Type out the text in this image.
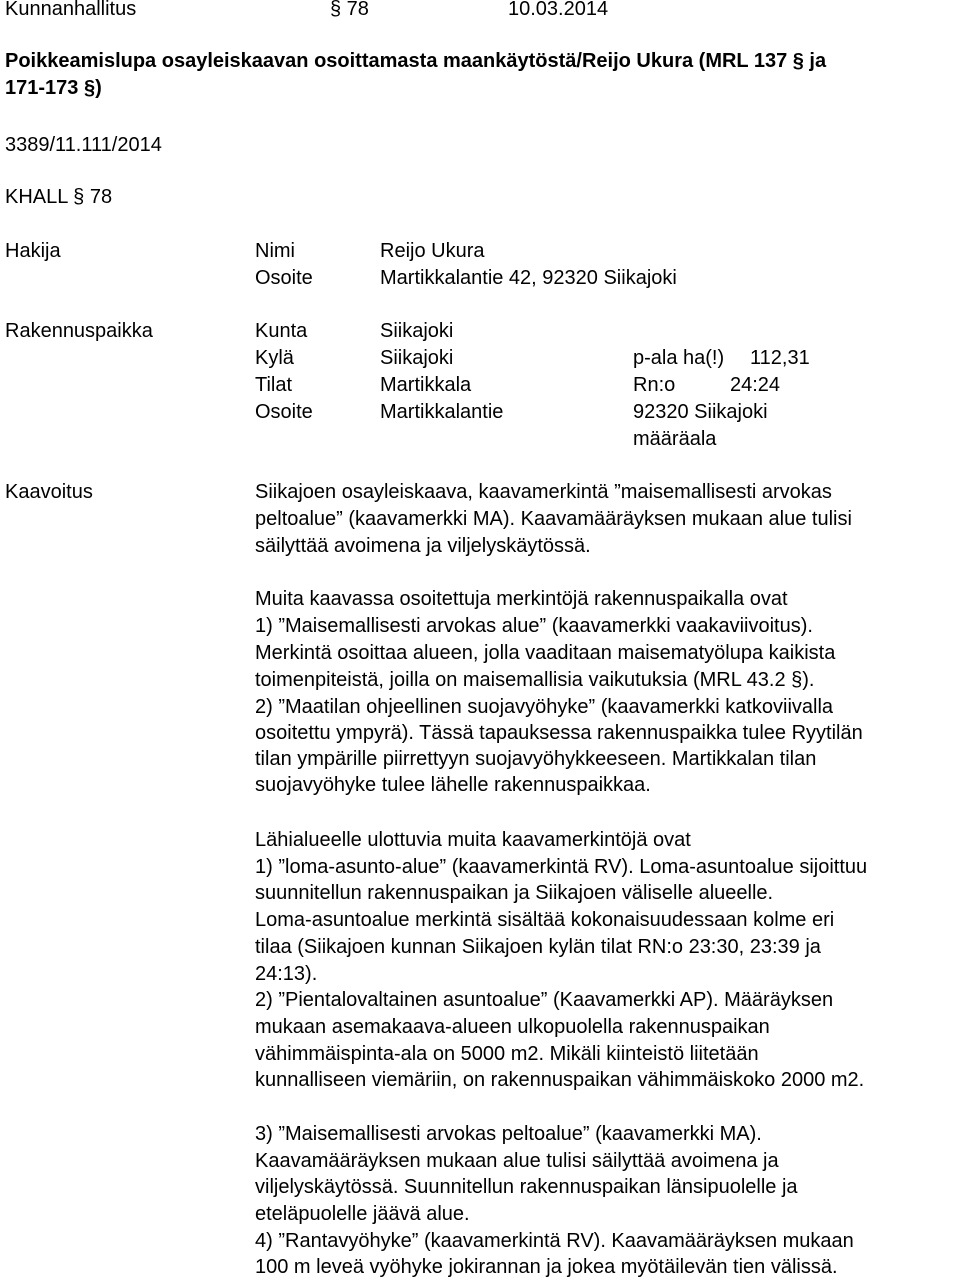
Kunnanhallitus	§ 78	10.03.2014
Poikkeamislupa osayleiskaavan osoittamasta maankäytöstä/Reijo Ukura (MRL 137 § ja
171-173 §)
3389/11.111/2014
KHALL § 78
Hakija	Nimi	Reijo Ukura
Osoite	Martikkalantie 42, 92320 Siikajoki
Rakennuspaikka	Kunta	Siikajoki
Kylä	Siikajoki	p-ala ha(!) 112,31
Tilat	Martikkala	Rn:o	24:24
Osoite	Martikkalantie	92320 Siikajoki
määräala
Kaavoitus	Siikajoen osayleiskaava, kaavamerkintä ”maisemallisesti arvokas
peltoalue” (kaavamerkki MA). Kaavamääräyksen mukaan alue tulisi
säilyttää avoimena ja viljelyskäytössä.
Muita kaavassa osoitettuja merkintöjä rakennuspaikalla ovat
1) ”Maisemallisesti arvokas alue” (kaavamerkki vaakaviivoitus).
Merkintä osoittaa alueen, jolla vaaditaan maisematyölupa kaikista
toimenpiteistä, joilla on maisemallisia vaikutuksia (MRL 43.2 §).
2) ”Maatilan ohjeellinen suojavyöhyke” (kaavamerkki katkoviivalla
osoitettu ympyrä). Tässä tapauksessa rakennuspaikka tulee Ryytilän
tilan ympärille piirrettyyn suojavyöhykkeeseen. Martikkalan tilan
suojavyöhyke tulee lähelle rakennuspaikkaa.
Lähialueelle ulottuvia muita kaavamerkintöjä ovat
1) ”loma-asunto-alue” (kaavamerkintä RV). Loma-asuntoalue sijoittuu
suunnitellun rakennuspaikan ja Siikajoen väliselle alueelle.
Loma-asuntoalue merkintä sisältää kokonaisuudessaan kolme eri
tilaa (Siikajoen kunnan Siikajoen kylän tilat RN:o 23:30, 23:39 ja
24:13).
2) ”Pientalovaltainen asuntoalue” (Kaavamerkki AP). Määräyksen
mukaan asemakaava-alueen ulkopuolella rakennuspaikan
vähimmäispinta-ala on 5000 m2. Mikäli kiinteistö liitetään
kunnalliseen viemäriin, on rakennuspaikan vähimmäiskoko 2000 m2.
3) ”Maisemallisesti arvokas peltoalue” (kaavamerkki MA).
Kaavamääräyksen mukaan alue tulisi säilyttää avoimena ja
viljelyskäytössä. Suunnitellun rakennuspaikan länsipuolelle ja
eteläpuolelle jäävä alue.
4) ”Rantavyöhyke” (kaavamerkintä RV). Kaavamääräyksen mukaan
100 m leveä vyöhyke jokirannan ja jokea myötäilevän tien välissä.
